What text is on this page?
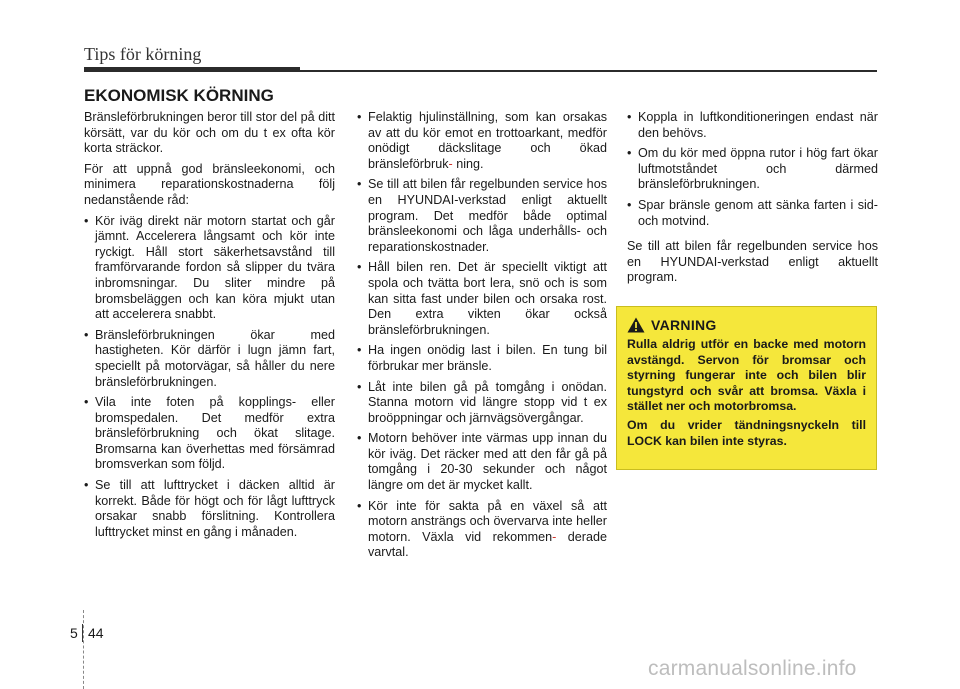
Tips för körning
EKONOMISK KÖRNING

Bränsleförbrukningen beror till stor del på ditt körsätt, var du kör och om du t ex ofta kör korta sträckor.

För att uppnå god bränsleekonomi, och minimera reparationskostnaderna följ nedanstående råd:

• Kör iväg direkt när motorn startat och går jämnt. Accelerera långsamt och kör inte ryckigt. Håll stort säkerhetsavstånd till framförvarande fordon så slipper du tvära inbromsningar. Du sliter mindre på bromsbeläggen och kan köra mjukt utan att accelerera snabbt.
• Bränsleförbrukningen ökar med hastigheten. Kör därför i lugn jämn fart, speciellt på motorvägar, så håller du nere bränsleförbrukningen.
• Vila inte foten på kopplings- eller bromspedalen. Det medför extra bränsleförbrukning och ökat slitage. Bromsarna kan överhettas med försämrad bromsverkan som följd.
• Se till att lufttrycket i däcken alltid är korrekt. Både för högt och för lågt lufttryck orsakar snabb förslitning. Kontrollera lufttrycket minst en gång i månaden.
• Felaktig hjulinställning, som kan orsakas av att du kör emot en trottoarkant, medför onödigt däckslitage och ökad bränsleförbruk- ning.
• Se till att bilen får regelbunden service hos en HYUNDAI-verkstad enligt aktuellt program. Det medför både optimal bränsleekonomi och låga underhålls- och reparationskostnader.
• Håll bilen ren. Det är speciellt viktigt att spola och tvätta bort lera, snö och is som kan sitta fast under bilen och orsaka rost. Den extra vikten ökar också bränsleförbrukningen.
• Ha ingen onödig last i bilen. En tung bil förbrukar mer bränsle.
• Låt inte bilen gå på tomgång i onödan. Stanna motorn vid längre stopp vid t ex broöppningar och järnvägsövergångar.
• Motorn behöver inte värmas upp innan du kör iväg. Det räcker med att den får gå på tomgång i 20-30 sekunder och något längre om det är mycket kallt.
• Kör inte för sakta på en växel så att motorn ansträngs och övervarva inte heller motorn. Växla vid rekommen- derade varvtal.
• Koppla in luftkonditioneringen endast när den behövs.
• Om du kör med öppna rutor i hög fart ökar luftmotståndet och därmed bränsleförbrukningen.
• Spar bränsle genom att sänka farten i sid- och motvind.

Se till att bilen får regelbunden service hos en HYUNDAI-verkstad enligt aktuellt program.

VARNING

Rulla aldrig utför en backe med motorn avstängd. Servon för bromsar och styrning fungerar inte och bilen blir tungstyrd och svår att bromsa. Växla i stället ner och motorbromsa.

Om du vrider tändningsnyckeln till LOCK kan bilen inte styras.

5 44
carmanualsonline.info
